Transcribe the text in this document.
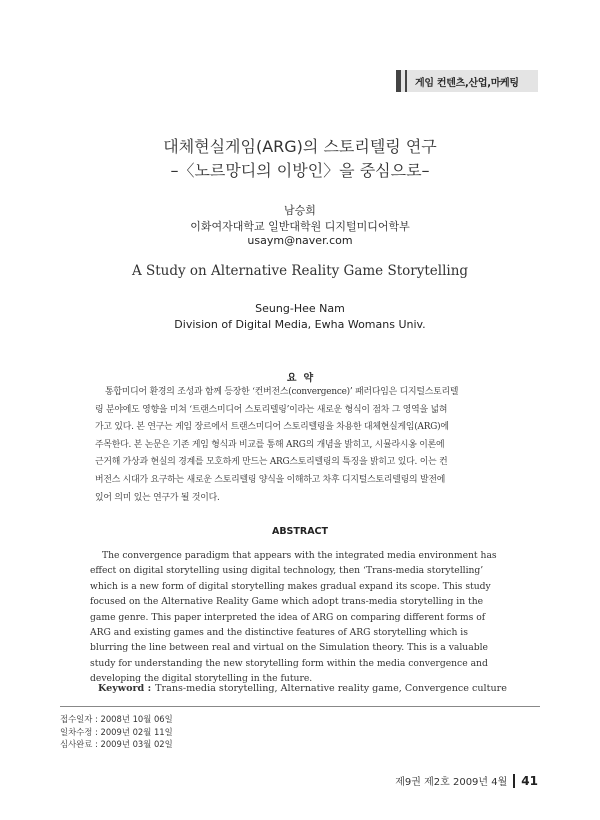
게임 컨텐츠,산업,마케팅
대체현실게임(ARG)의 스토리텔링 연구
–〈노르망디의 이방인〉을 중심으로–
남승희
이화여자대학교 일반대학원 디지털미디어학부
usaym@naver.com
A Study on Alternative Reality Game Storytelling
Seung-Hee Nam
Division of Digital Media, Ewha Womans Univ.
요  약
통합미디어 환경의 조성과 함께 등장한 ‘컨버전스(convergence)’ 패러다임은 디지털스토리텔
링 분야에도 영향을 미쳐 ‘트랜스미디어 스토리텔링’이라는 새로운 형식이 점차 그 영역을 넓혀
가고 있다. 본 연구는 게임 장르에서 트랜스미디어 스토리텔링을 차용한 대체현실게임(ARG)에
주목한다. 본 논문은 기존 게임 형식과 비교를 통해 ARG의 개념을 밝히고, 시뮬라시옹 이론에
근거해 가상과 현실의 경계를 모호하게 만드는 ARG스토리텔링의 특징을 밝히고 있다. 이는 컨
버전스 시대가 요구하는 새로운 스토리텔링 양식을 이해하고 차후 디지털스토리텔링의 발전에
있어 의미 있는 연구가 될 것이다.
ABSTRACT
The convergence paradigm that appears with the integrated media environment has
effect on digital storytelling using digital technology, then ‘Trans-media storytelling’
which is a new form of digital storytelling makes gradual expand its scope. This study
focused on the Alternative Reality Game which adopt trans-media storytelling in the
game genre. This paper interpreted the idea of ARG on comparing different forms of
ARG and existing games and the distinctive features of ARG storytelling which is
blurring the line between real and virtual on the Simulation theory. This is a valuable
study for understanding the new storytelling form within the media convergence and
developing the digital storytelling in the future.
Keyword : Trans-media storytelling, Alternative reality game, Convergence culture
접수일자 : 2008년 10월 06일
일차수정 : 2009년 02월 11일
심사완료 : 2009년 03월 02일
제9권 제2호 2009년 4월 41
